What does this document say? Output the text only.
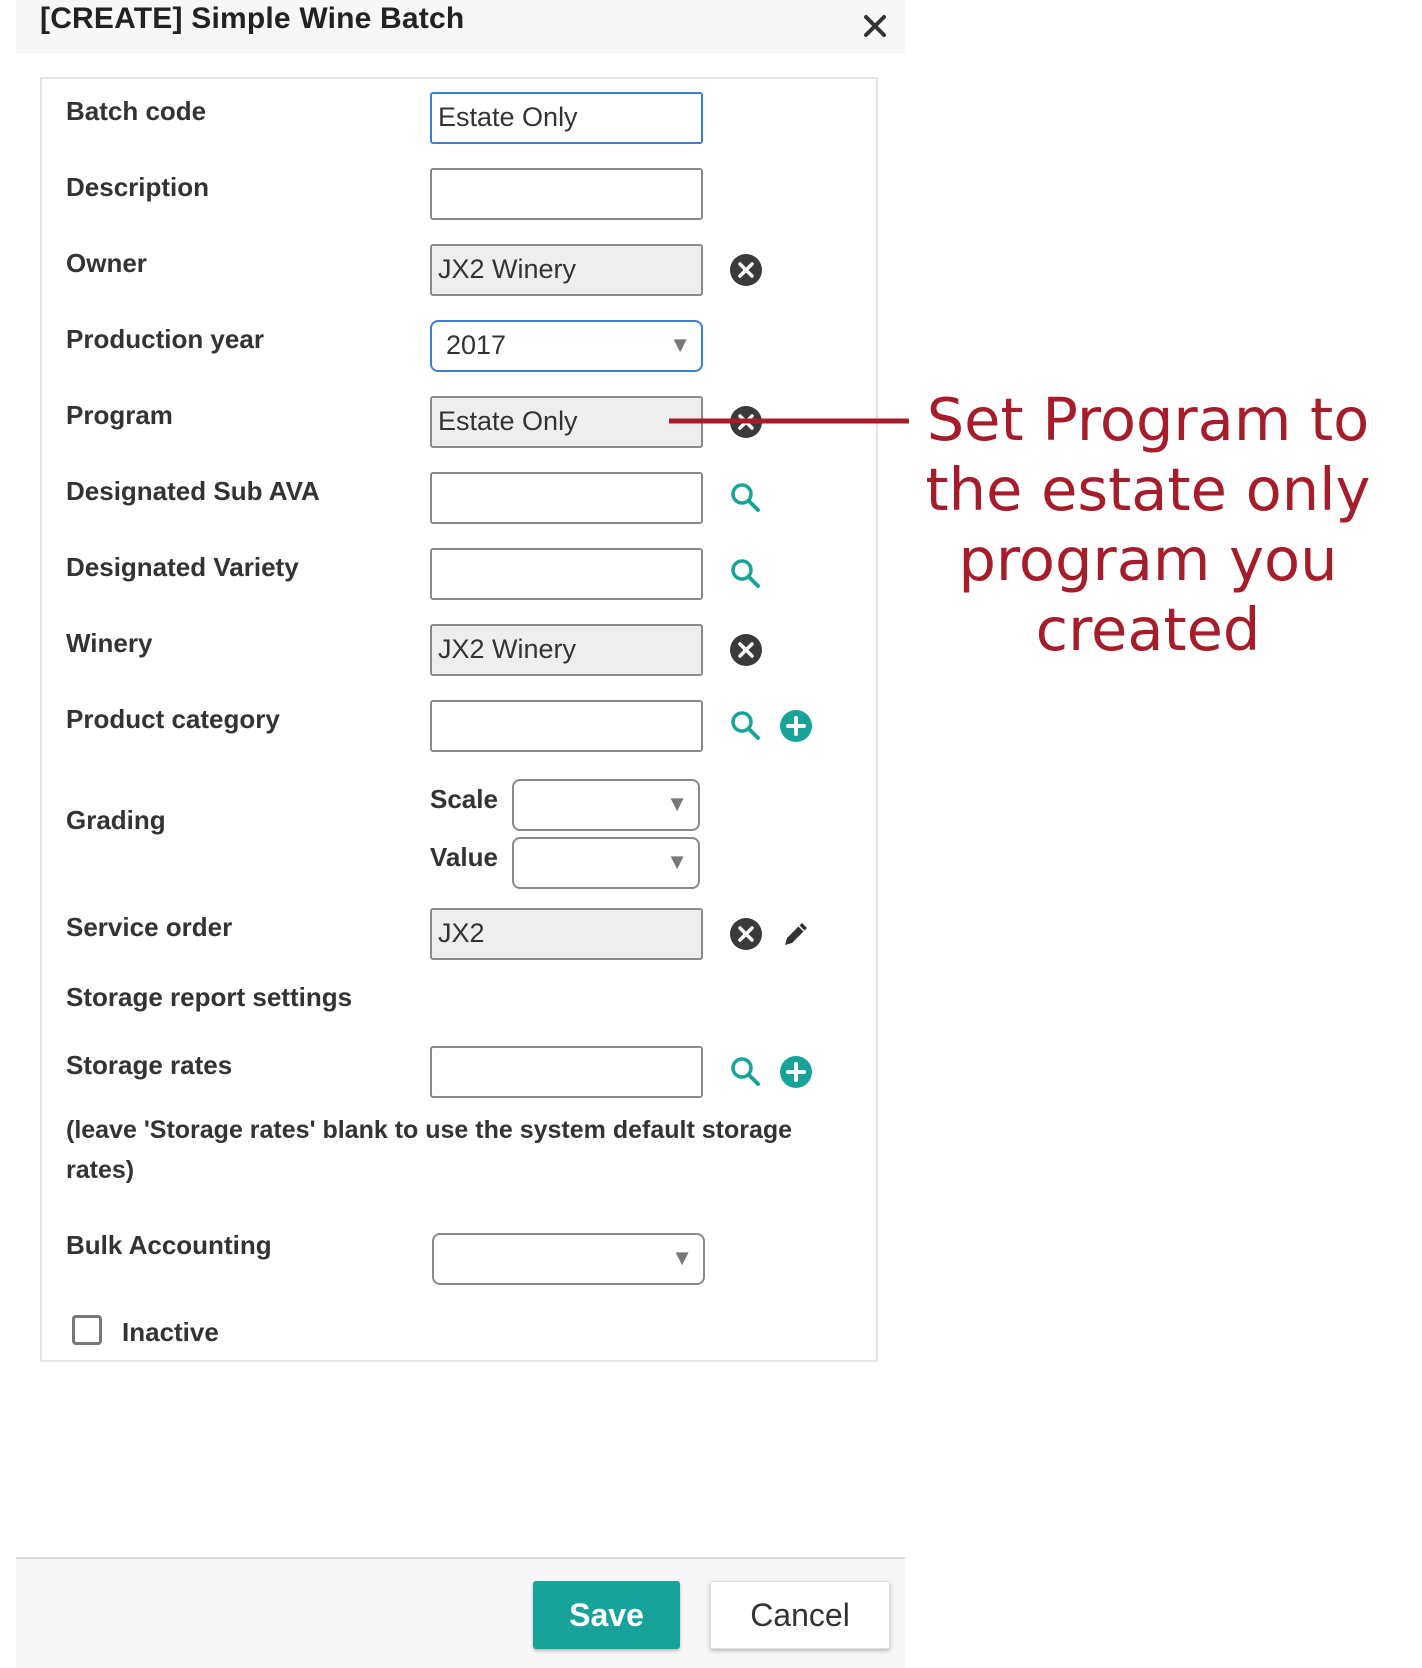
[CREATE] Simple Wine Batch
Batch code	Estate Only
Description
Owner	JX2 Winery
Production year	2017	▼
Program	Estate Only
Designated Sub AVA
Designated Variety
Winery	JX2 Winery
Product category
Grading
Scale	▼
Value	▼
Service order	JX2
Storage report settings
Storage rates
(leave 'Storage rates' blank to use the system default storage rates)
Bulk Accounting	▼
Inactive
Save	Cancel
Set Program to the estate only program you created
